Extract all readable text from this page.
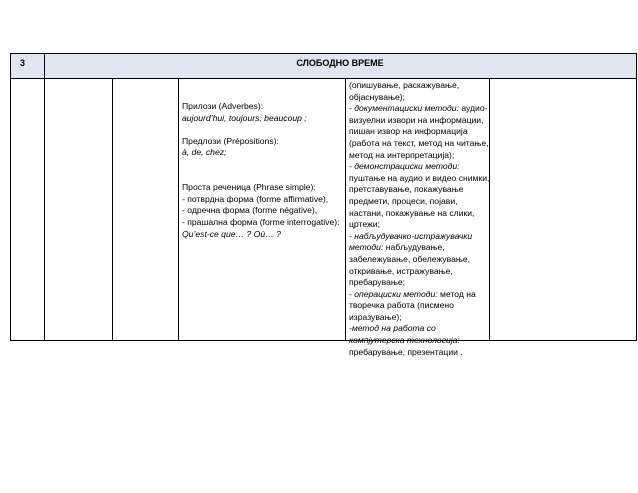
3	СЛОБОДНО ВРЕМЕ
Прилози (Adverbes):
aujourd’hui, toujours, beaucoup ;
Предлози (Prépositions):
à, de, chez;
Проста реченица (Phrase simple):
- потврдна форма (forme affirmative),
- одречна форма (forme négative),
- прашална форма (forme interrogative):
Qu’est-ce que… ? Où… ?
(опишување, раскажување,
објаснување);
- документациски методи: аудио-
визуелни извори на информации,
пишан извор на информација
(работа на текст, метод на читање,
метод на интерпретација);
- демонстрациски методи:
пуштање на аудио и видео снимки,
претставување, покажување
предмети, процеси, појави,
настани, покажување на слики,
цртежи;
- набљудувачко-истражувачки
методи: набљудување,
забележување, обележување,
откривање, истражување,
пребарување;
- операциски методи: метод на
творечка работа (писмено
изразување);
-метод на работа со
компјутерска технологија:
пребарување, презентации .
